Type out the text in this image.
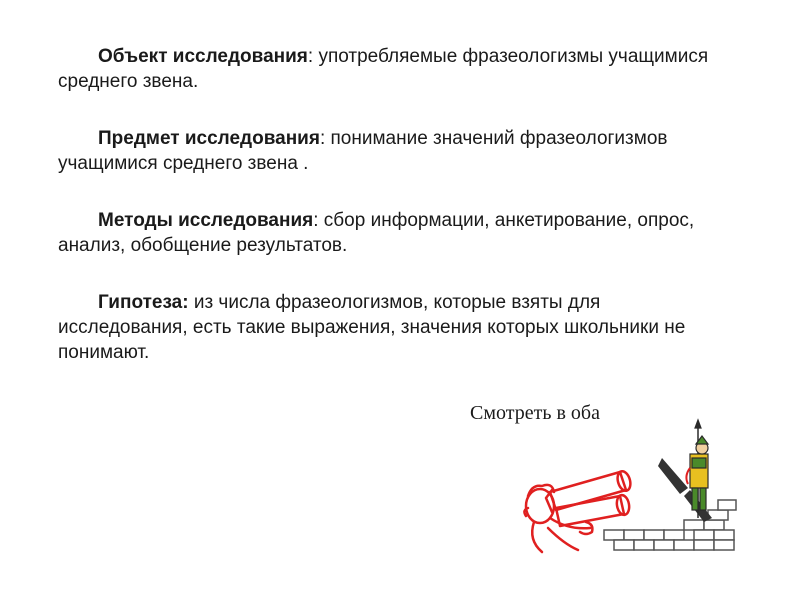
Объект исследования: употребляемые фразеологизмы учащимися среднего звена.

Предмет исследования: понимание значений фразеологизмов учащимися среднего звена .

Методы исследования: сбор информации, анкетирование, опрос, анализ, обобщение результатов.

Гипотеза: из числа фразеологизмов, которые взяты для исследования, есть такие выражения, значения которых школьники не понимают.

Смотреть в оба
